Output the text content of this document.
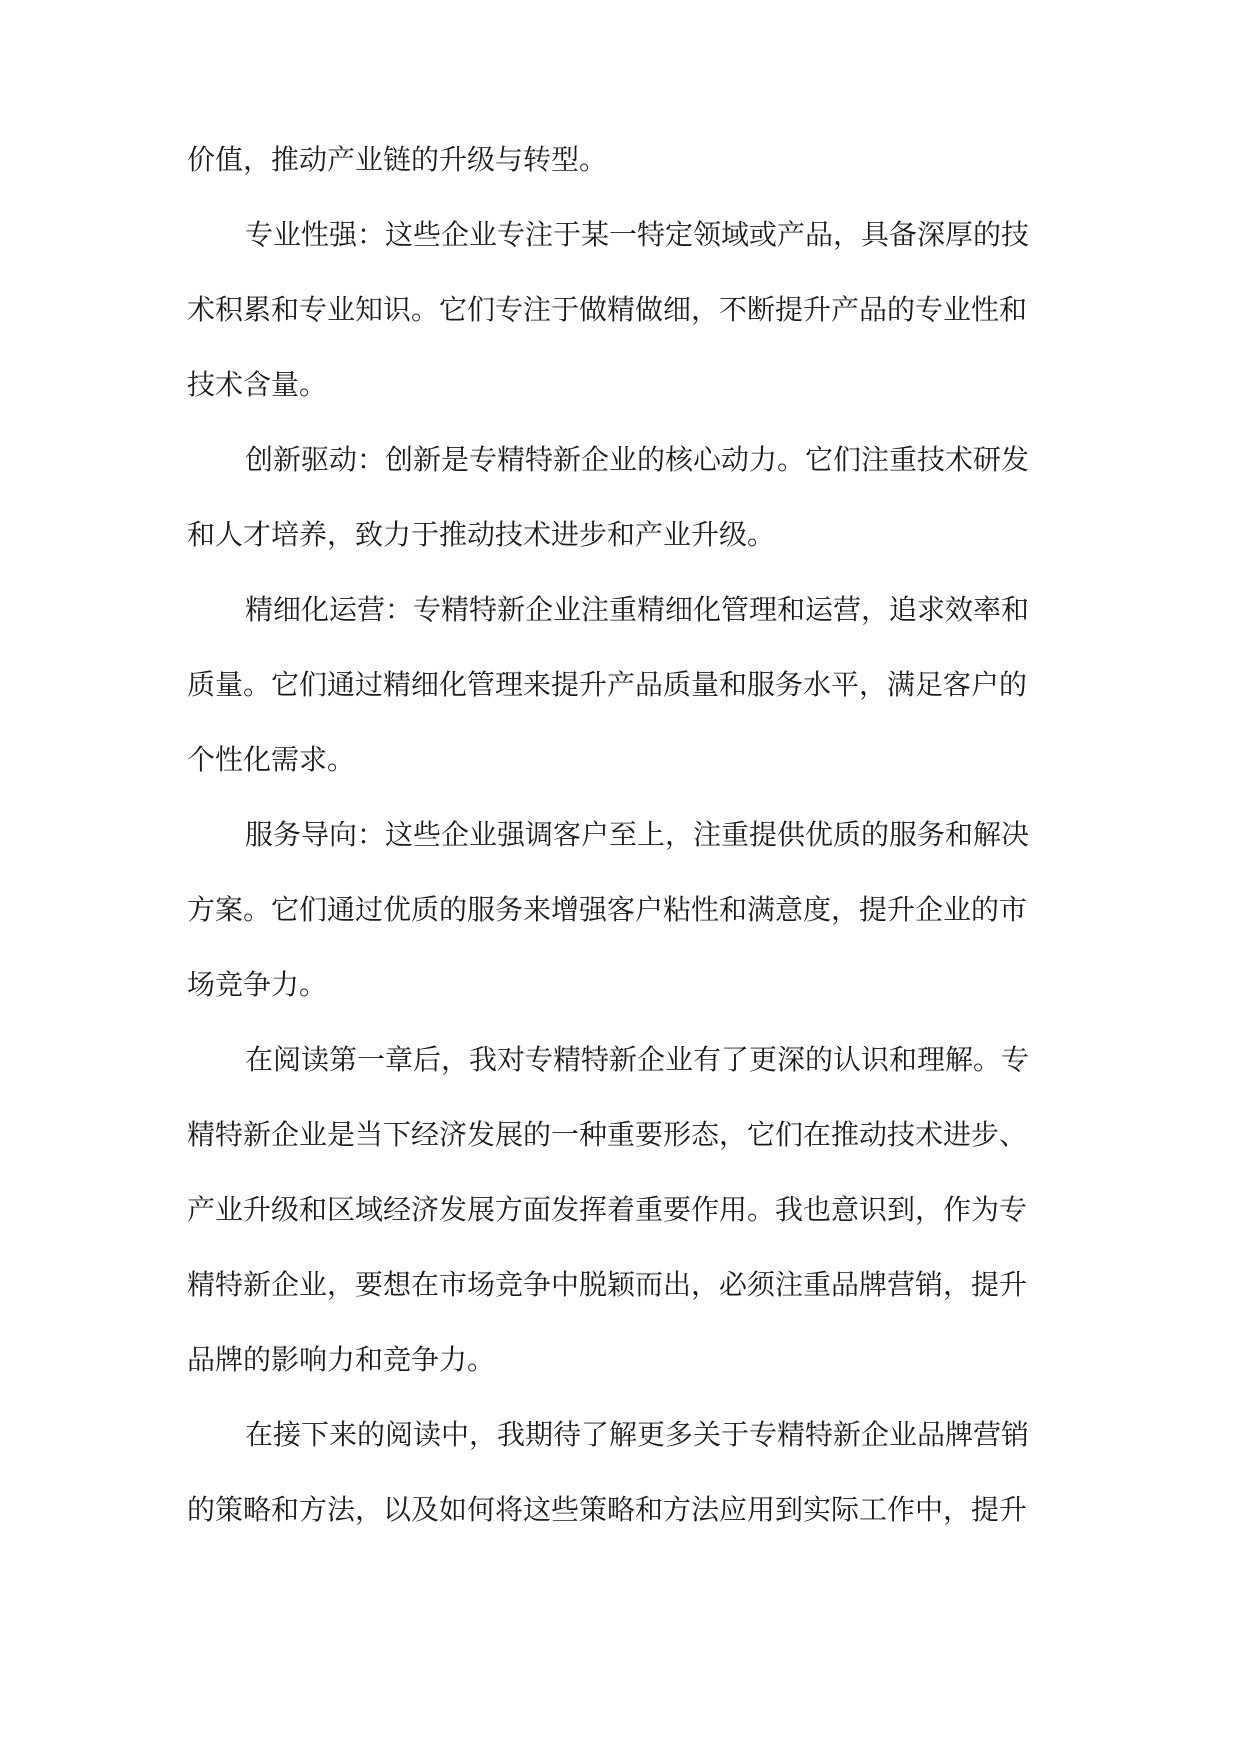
价值，推动产业链的升级与转型。

专业性强：这些企业专注于某一特定领域或产品，具备深厚的技

术积累和专业知识。它们专注于做精做细，不断提升产品的专业性和

技术含量。

创新驱动：创新是专精特新企业的核心动力。它们注重技术研发

和人才培养，致力于推动技术进步和产业升级。

精细化运营：专精特新企业注重精细化管理和运营，追求效率和

质量。它们通过精细化管理来提升产品质量和服务水平，满足客户的

个性化需求。

服务导向：这些企业强调客户至上，注重提供优质的服务和解决

方案。它们通过优质的服务来增强客户粘性和满意度，提升企业的市

场竞争力。

在阅读第一章后，我对专精特新企业有了更深的认识和理解。专

精特新企业是当下经济发展的一种重要形态，它们在推动技术进步、

产业升级和区域经济发展方面发挥着重要作用。我也意识到，作为专

精特新企业，要想在市场竞争中脱颖而出，必须注重品牌营销，提升

品牌的影响力和竞争力。

在接下来的阅读中，我期待了解更多关于专精特新企业品牌营销

的策略和方法，以及如何将这些策略和方法应用到实际工作中，提升
